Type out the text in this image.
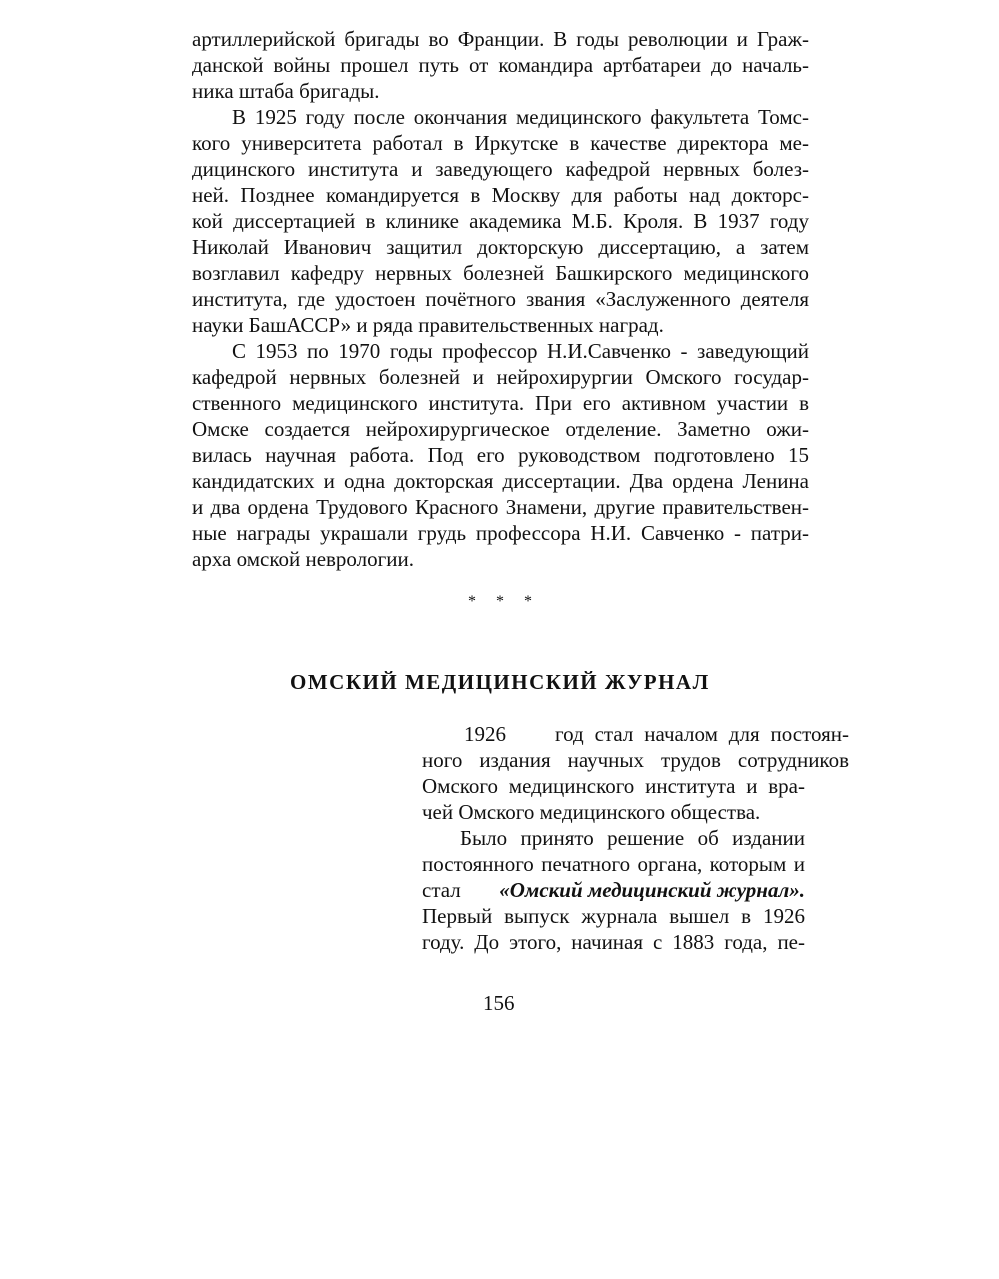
артиллерийской бригады во Франции. В годы революции и Граж-
данской войны прошел путь от командира артбатареи до началь-
ника штаба бригады.
В 1925 году после окончания медицинского факультета Томс-
кого университета работал в Иркутске в качестве директора ме-
дицинского института и заведующего кафедрой нервных болез-
ней. Позднее командируется в Москву для работы над докторс-
кой диссертацией в клинике академика М.Б. Кроля. В 1937 году
Николай Иванович защитил докторскую диссертацию, а затем
возглавил кафедру нервных болезней Башкирского медицинского
института, где удостоен почётного звания «Заслуженного деятеля
науки БашАССР» и ряда правительственных наград.
С 1953 по 1970 годы профессор Н.И.Савченко - заведующий
кафедрой нервных болезней и нейрохирургии Омского государ-
ственного медицинского института. При его активном участии в
Омске создается нейрохирургическое отделение. Заметно ожи-
вилась научная работа. Под его руководством подготовлено 15
кандидатских и одна докторская диссертации. Два ордена Ленина
и два ордена Трудового Красного Знамени, другие правительствен-
ные награды украшали грудь профессора Н.И. Савченко - патри-
арха омской неврологии.
* * *
ОМСКИЙ МЕДИЦИНСКИЙ ЖУРНАЛ
1926 год стал началом для постоян-
ного издания научных трудов сотрудников
Омского медицинского института и вра-
чей Омского медицинского общества.
Было принято решение об издании
постоянного печатного органа, которым и
стал «Омский медицинский журнал».
Первый выпуск журнала вышел в 1926
году. До этого, начиная с 1883 года, пе-
156
